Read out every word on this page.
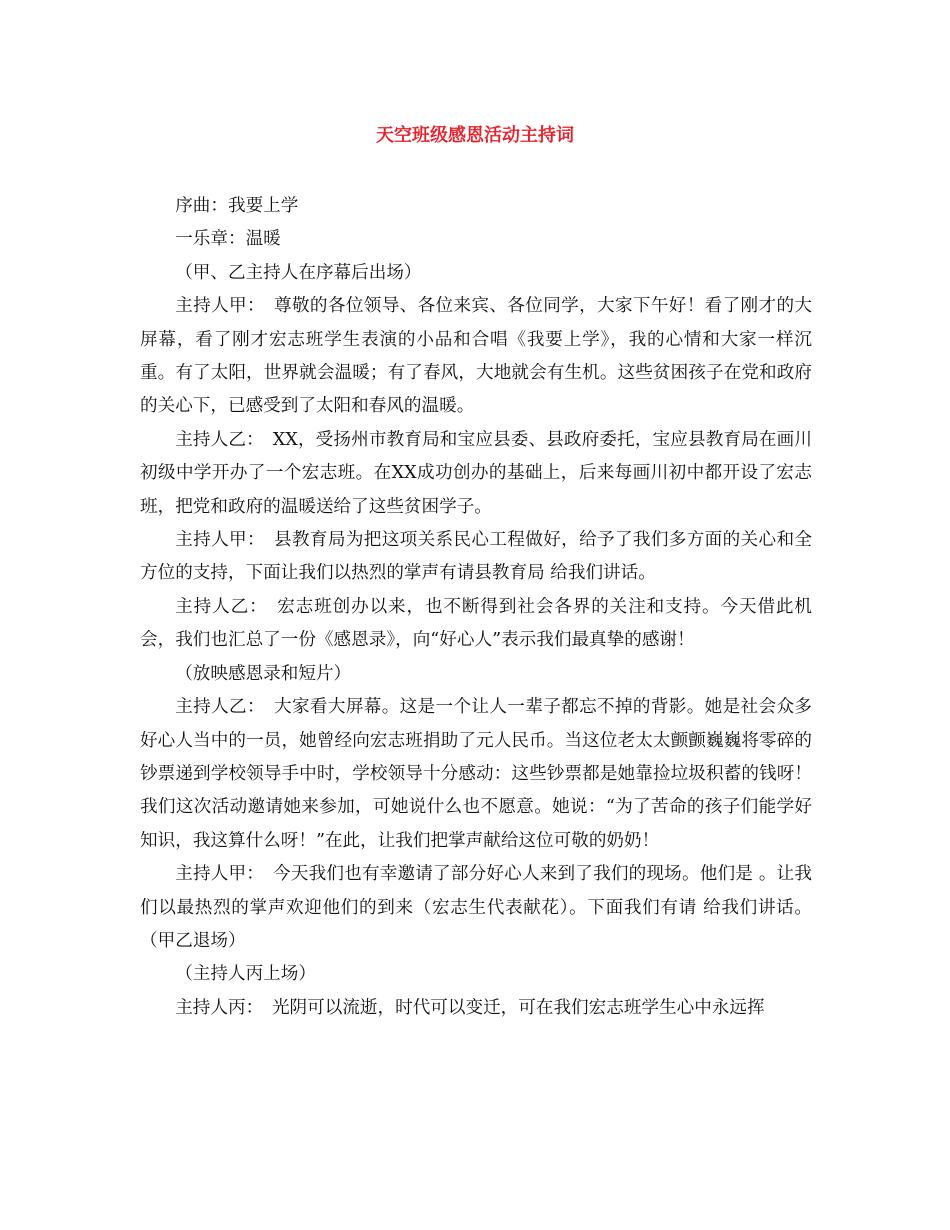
天空班级感恩活动主持词

序曲：我要上学

一乐章：温暖

（甲、乙主持人在序幕后出场）

主持人甲：　尊敬的各位领导、各位来宾、各位同学，大家下午好！看了刚才的大屏幕，看了刚才宏志班学生表演的小品和合唱《我要上学》，我的心情和大家一样沉重。有了太阳，世界就会温暖；有了春风，大地就会有生机。这些贫困孩子在党和政府的关心下，已感受到了太阳和春风的温暖。

主持人乙：　XX，受扬州市教育局和宝应县委、县政府委托，宝应县教育局在画川初级中学开办了一个宏志班。在XX成功创办的基础上，后来每画川初中都开设了宏志班，把党和政府的温暖送给了这些贫困学子。

主持人甲：　县教育局为把这项关系民心工程做好，给予了我们多方面的关心和全方位的支持，下面让我们以热烈的掌声有请县教育局 给我们讲话。

主持人乙：　宏志班创办以来，也不断得到社会各界的关注和支持。今天借此机会，我们也汇总了一份《感恩录》，向“好心人”表示我们最真挚的感谢！

（放映感恩录和短片）

主持人乙：　大家看大屏幕。这是一个让人一辈子都忘不掉的背影。她是社会众多好心人当中的一员，她曾经向宏志班捐助了元人民币。当这位老太太颤颤巍巍将零碎的钞票递到学校领导手中时，学校领导十分感动：这些钞票都是她靠捡垃圾积蓄的钱呀！我们这次活动邀请她来参加，可她说什么也不愿意。她说：“为了苦命的孩子们能学好知识，我这算什么呀！”在此，让我们把掌声献给这位可敬的奶奶！

主持人甲：　今天我们也有幸邀请了部分好心人来到了我们的现场。他们是 。让我们以最热烈的掌声欢迎他们的到来（宏志生代表献花）。下面我们有请 给我们讲话。（甲乙退场）

（主持人丙上场）

主持人丙：　光阴可以流逝，时代可以变迁，可在我们宏志班学生心中永远挥
